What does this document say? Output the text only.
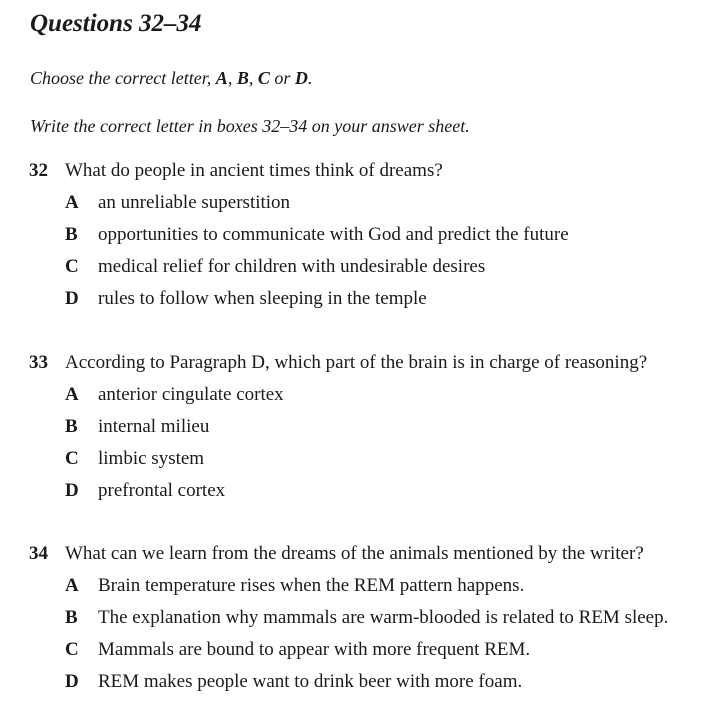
Questions 32–34

Choose the correct letter, A, B, C or D.

Write the correct letter in boxes 32–34 on your answer sheet.

32 What do people in ancient times think of dreams?
A an unreliable superstition
B opportunities to communicate with God and predict the future
C medical relief for children with undesirable desires
D rules to follow when sleeping in the temple
33 According to Paragraph D, which part of the brain is in charge of reasoning?
A anterior cingulate cortex
B internal milieu
C limbic system
D prefrontal cortex
34 What can we learn from the dreams of the animals mentioned by the writer?
A Brain temperature rises when the REM pattern happens.
B The explanation why mammals are warm-blooded is related to REM sleep.
C Mammals are bound to appear with more frequent REM.
D REM makes people want to drink beer with more foam.
